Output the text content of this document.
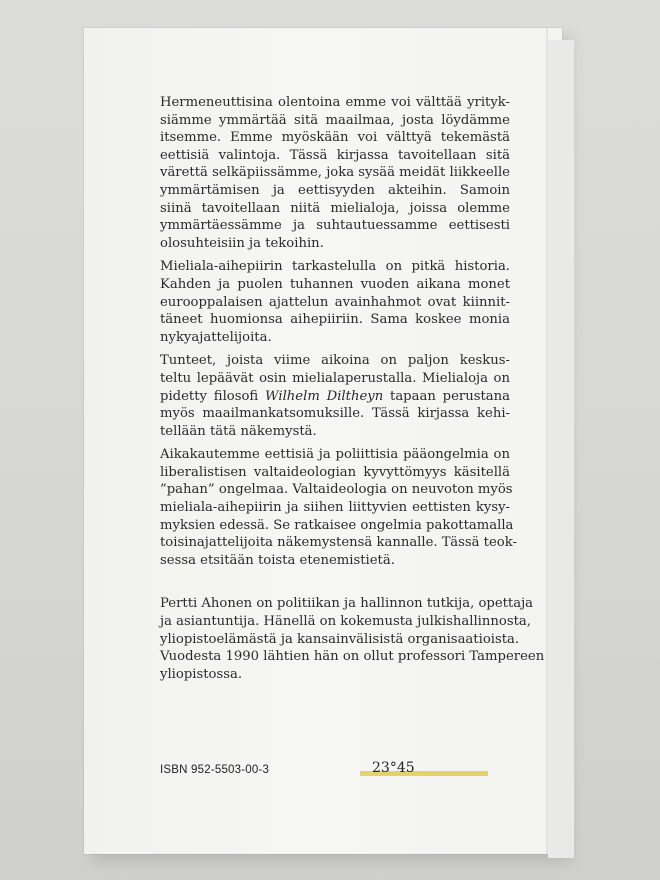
Hermeneuttisina olentoina emme voi välttää yrityk-
siämme ymmärtää sitä maailmaa, josta löydämme
itsemme. Emme myöskään voi välttyä tekemästä
eettisiä valintoja. Tässä kirjassa tavoitellaan sitä
värettä selkäpiissämme, joka sysää meidät liikkeelle
ymmärtämisen ja eettisyyden akteihin. Samoin
siinä tavoitellaan niitä mielialoja, joissa olemme
ymmärtäessämme ja suhtautuessamme eettisesti
olosuhteisiin ja tekoihin.

Mieliala-aihepiirin tarkastelulla on pitkä historia.
Kahden ja puolen tuhannen vuoden aikana monet
eurooppalaisen ajattelun avainhahmot ovat kiinnit-
täneet huomionsa aihepiiriin. Sama koskee monia
nykyajattelijoita.

Tunteet, joista viime aikoina on paljon keskus-
teltu lepäävät osin mielialaperustalla. Mielialoja on
pidetty filosofi Wilhelm Diltheyn tapaan perustana
myös maailmankatsomuksille. Tässä kirjassa kehi-
tellään tätä näkemystä.

Aikakautemme eettisiä ja poliittisia pääongelmia on
liberalistisen valtaideologian kyvyttömyys käsitellä
”pahan” ongelmaa. Valtaideologia on neuvoton myös
mieliala-aihepiirin ja siihen liittyvien eettisten kysy-
myksien edessä. Se ratkaisee ongelmia pakottamalla
toisinajattelijoita näkemystensä kannalle. Tässä teok-
sessa etsitään toista etenemistietä.

Pertti Ahonen on politiikan ja hallinnon tutkija, opettaja
ja asiantuntija. Hänellä on kokemusta julkishallinnosta,
yliopistoelämästä ja kansainvälisistä organisaatioista.
Vuodesta 1990 lähtien hän on ollut professori Tampereen
yliopistossa.

ISBN 952-5503-00-3	23°45
